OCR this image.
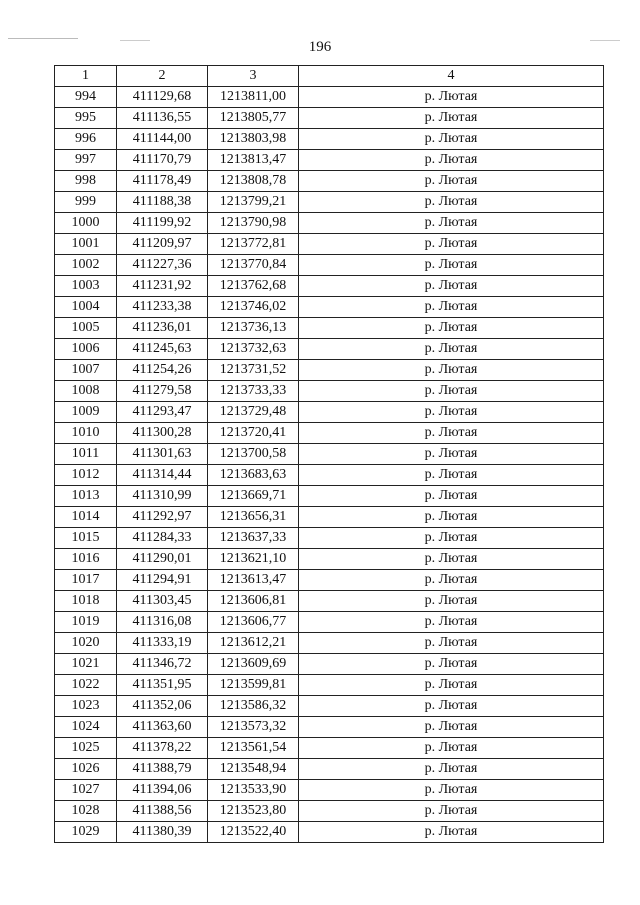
196
1	2	3	4
994	411129,68	1213811,00	р. Лютая
995	411136,55	1213805,77	р. Лютая
996	411144,00	1213803,98	р. Лютая
997	411170,79	1213813,47	р. Лютая
998	411178,49	1213808,78	р. Лютая
999	411188,38	1213799,21	р. Лютая
1000	411199,92	1213790,98	р. Лютая
1001	411209,97	1213772,81	р. Лютая
1002	411227,36	1213770,84	р. Лютая
1003	411231,92	1213762,68	р. Лютая
1004	411233,38	1213746,02	р. Лютая
1005	411236,01	1213736,13	р. Лютая
1006	411245,63	1213732,63	р. Лютая
1007	411254,26	1213731,52	р. Лютая
1008	411279,58	1213733,33	р. Лютая
1009	411293,47	1213729,48	р. Лютая
1010	411300,28	1213720,41	р. Лютая
1011	411301,63	1213700,58	р. Лютая
1012	411314,44	1213683,63	р. Лютая
1013	411310,99	1213669,71	р. Лютая
1014	411292,97	1213656,31	р. Лютая
1015	411284,33	1213637,33	р. Лютая
1016	411290,01	1213621,10	р. Лютая
1017	411294,91	1213613,47	р. Лютая
1018	411303,45	1213606,81	р. Лютая
1019	411316,08	1213606,77	р. Лютая
1020	411333,19	1213612,21	р. Лютая
1021	411346,72	1213609,69	р. Лютая
1022	411351,95	1213599,81	р. Лютая
1023	411352,06	1213586,32	р. Лютая
1024	411363,60	1213573,32	р. Лютая
1025	411378,22	1213561,54	р. Лютая
1026	411388,79	1213548,94	р. Лютая
1027	411394,06	1213533,90	р. Лютая
1028	411388,56	1213523,80	р. Лютая
1029	411380,39	1213522,40	р. Лютая
